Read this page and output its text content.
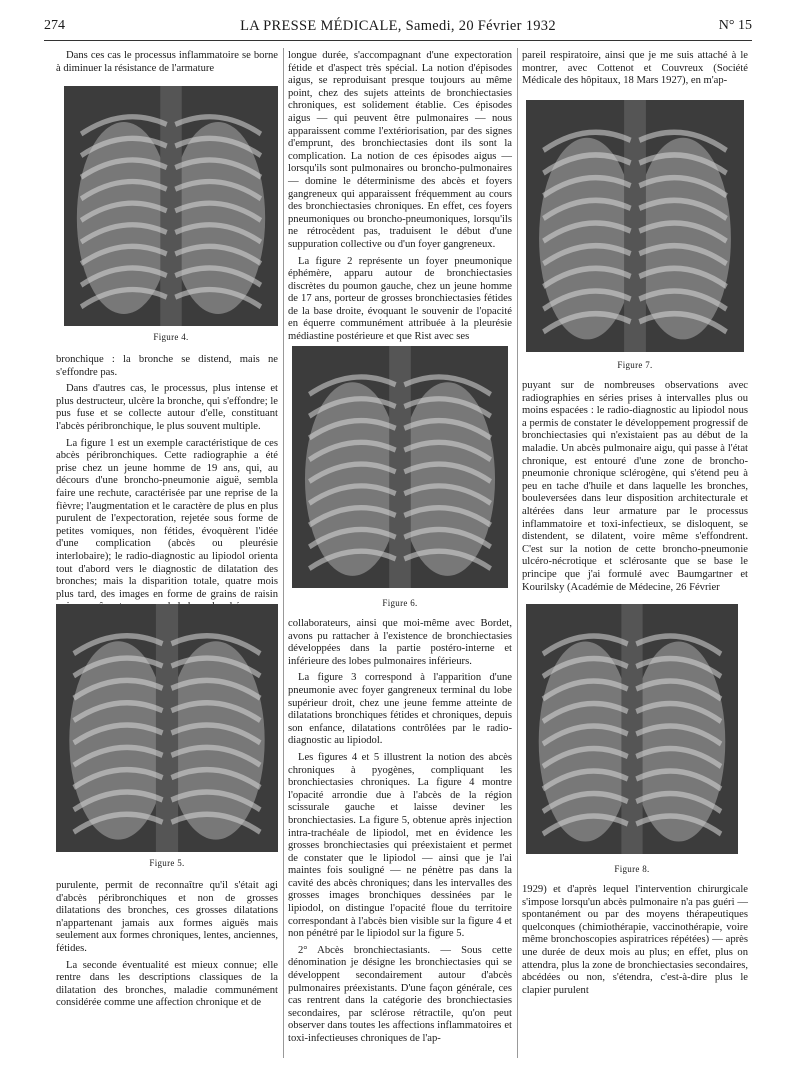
274	LA PRESSE MÉDICALE, Samedi, 20 Février 1932	N° 15

Dans ces cas le processus inflammatoire se borne à diminuer la résistance de l'armature

Figure 4.

bronchique : la bronche se distend, mais ne s'effondre pas.

Dans d'autres cas, le processus, plus intense et plus destructeur, ulcère la bronche, qui s'effondre; le pus fuse et se collecte autour d'elle, constituant l'abcès péribronchique, le plus souvent multiple.

La figure 1 est un exemple caractéristique de ces abcès péribronchiques. Cette radiographie a été prise chez un jeune homme de 19 ans, qui, au décours d'une broncho-pneumonie aiguë, sembla faire une rechute, caractérisée par une reprise de la fièvre; l'augmentation et le caractère de plus en plus purulent de l'expectoration, rejetée sous forme de petites vomiques, non fétides, évoquèrent l'idée d'une complication (abcès ou pleurésie interlobaire); le radio-diagnostic au lipiodol orienta tout d'abord vers le diagnostic de dilatation des bronches; mais la disparition totale, quatre mois plus tard, des images en forme de grains de raisin

Figure 5.

purulente, permit de reconnaître qu'il s'était agi d'abcès péribronchiques et non de grosses dilatations des bronches, ces grosses dilatations n'appartenant jamais aux formes aiguës mais seulement aux formes chroniques, lentes, anciennes, fétides.

La seconde éventualité est mieux connue; elle rentre dans les descriptions classiques de la dilatation des bronches, maladie communément considérée comme une affection chronique et de

longue durée, s'accompagnant d'une expectoration fétide et d'aspect très spécial. La notion d'épisodes aigus, se reproduisant presque toujours au même point, chez des sujets atteints de bronchiectasies chroniques, est solidement établie. Ces épisodes aigus — qui peuvent être pulmonaires — nous apparaissent comme l'extériorisation, par des signes d'emprunt, des bronchiectasies dont ils sont la complication. La notion de ces épisodes aigus — lorsqu'ils sont pulmonaires ou broncho-pulmonaires — domine le déterminisme des abcès et foyers gangreneux qui apparaissent fréquemment au cours des bronchiectasies chroniques. En effet, ces foyers pneumoniques ou broncho-pneumoniques, lorsqu'ils ne rétrocèdent pas, traduisent le début d'une suppuration collective ou d'un foyer gangreneux.

La figure 2 représente un foyer pneumonique éphémère, apparu autour de bronchiectasies discrètes du poumon gauche, chez un jeune homme de 17 ans, porteur de grosses bronchiectasies fétides de la base droite, évoquant le souvenir de l'opacité en équerre communément attribuée à la pleurésie médiastine postérieure et que Rist avec ses

Figure 6.

collaborateurs, ainsi que moi-même avec Bordet, avons pu rattacher à l'existence de bronchiectasies développées dans la partie postéro-interne et inférieure des lobes pulmonaires inférieurs.

La figure 3 correspond à l'apparition d'une pneumonie avec foyer gangreneux terminal du lobe supérieur droit, chez une jeune femme atteinte de dilatations bronchiques fétides et chroniques, depuis son enfance, dilatations contrôlées par le radio-diagnostic au lipiodol.

Les figures 4 et 5 illustrent la notion des abcès chroniques à pyogènes, compliquant les bronchiectasies chroniques. La figure 4 montre l'opacité arrondie due à l'abcès de la région scissurale gauche et laisse deviner les bronchiectasies. La figure 5, obtenue après injection intra-trachéale de lipiodol, met en évidence les grosses bronchiectasies qui préexistaient et permet de constater que le lipiodol — ainsi que je l'ai maintes fois souligné — ne pénètre pas dans la cavité des abcès chroniques; dans les intervalles des grosses images bronchiques dessinées par le lipiodol, on distingue l'opacité floue du territoire correspondant à l'abcès bien visible sur la figure 4 et non pénétré par le lipiodol sur la figure 5.

2° Abcès bronchiectasiants. — Sous cette dénomination je désigne les bronchiectasies qui se développent secondairement autour d'abcès pulmonaires préexistants. D'une façon générale, ces cas rentrent dans la catégorie des bronchiectasies secondaires, par sclérose rétractile, qu'on peut observer dans toutes les affections inflammatoires et toxi-infectieuses chroniques de l'ap-

pareil respiratoire, ainsi que je me suis attaché à le montrer, avec Cottenot et Couvreux (Société Médicale des hôpitaux, 18 Mars 1927), en m'ap-

Figure 7.

puyant sur de nombreuses observations avec radiographies en séries prises à intervalles plus ou moins espacées : le radio-diagnostic au lipiodol nous a permis de constater le développement progressif de bronchiectasies qui n'existaient pas au début de la maladie. Un abcès pulmonaire aigu, qui passe à l'état chronique, est entouré d'une zone de broncho-pneumonie chronique sclérogène, qui s'étend peu à peu en tache d'huile et dans laquelle les bronches, bouleversées dans leur disposition architecturale et altérées dans leur armature par le processus inflammatoire et toxi-infectieux, se disloquent, se distendent, se dilatent, voire même s'effondrent. C'est sur la notion de cette broncho-pneumonie ulcéro-nécrotique et sclérosante que se base le principe que j'ai formulé avec Baumgartner et Kourilsky (Académie de Médecine, 26 Février

Figure 8.

1929) et d'après lequel l'intervention chirurgicale s'impose lorsqu'un abcès pulmonaire n'a pas guéri — spontanément ou par des moyens thérapeutiques quelconques (chimiothérapie, vaccinothérapie, voire même bronchoscopies aspiratrices répétées) — après une durée de deux mois au plus; en effet, plus on attendra, plus la zone de bronchiectasies secondaires, abcédées ou non, s'étendra, c'est-à-dire plus le clapier purulent
